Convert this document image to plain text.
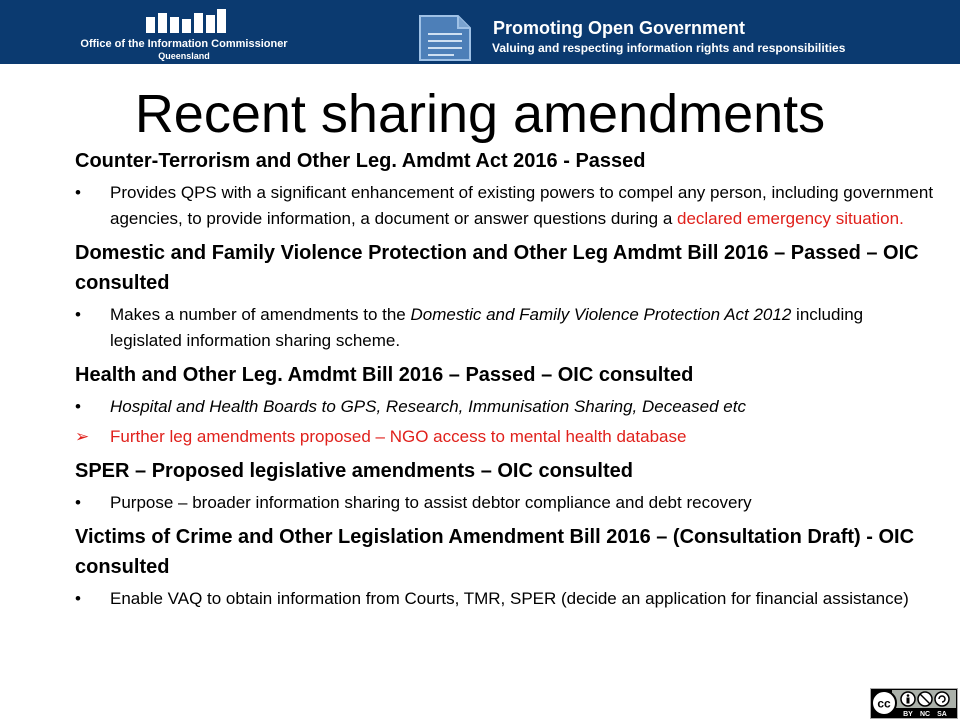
Office of the Information Commissioner
Queensland
Promoting Open Government
Valuing and respecting information rights and responsibilities
Recent sharing amendments

Counter-Terrorism and Other Leg. Amdmt Act 2016 - Passed

• Provides QPS with a significant enhancement of existing powers to compel any person, including government agencies, to provide information, a document or answer questions during a declared emergency situation.

Domestic and Family Violence Protection and Other Leg Amdmt Bill 2016 – Passed – OIC consulted

• Makes a number of amendments to the Domestic and Family Violence Protection Act 2012 including legislated information sharing scheme.

Health and Other Leg. Amdmt Bill 2016 – Passed – OIC consulted

• Hospital and Health Boards to GPS, Research, Immunisation Sharing, Deceased etc
➢ Further leg amendments proposed – NGO access to mental health database

SPER – Proposed legislative amendments – OIC consulted

• Purpose – broader information sharing to assist debtor compliance and debt recovery

Victims of Crime and Other Legislation Amendment Bill 2016 – (Consultation Draft) - OIC consulted

• Enable VAQ to obtain information from Courts, TMR, SPER (decide an application for financial assistance)
cc
BY NC SA
